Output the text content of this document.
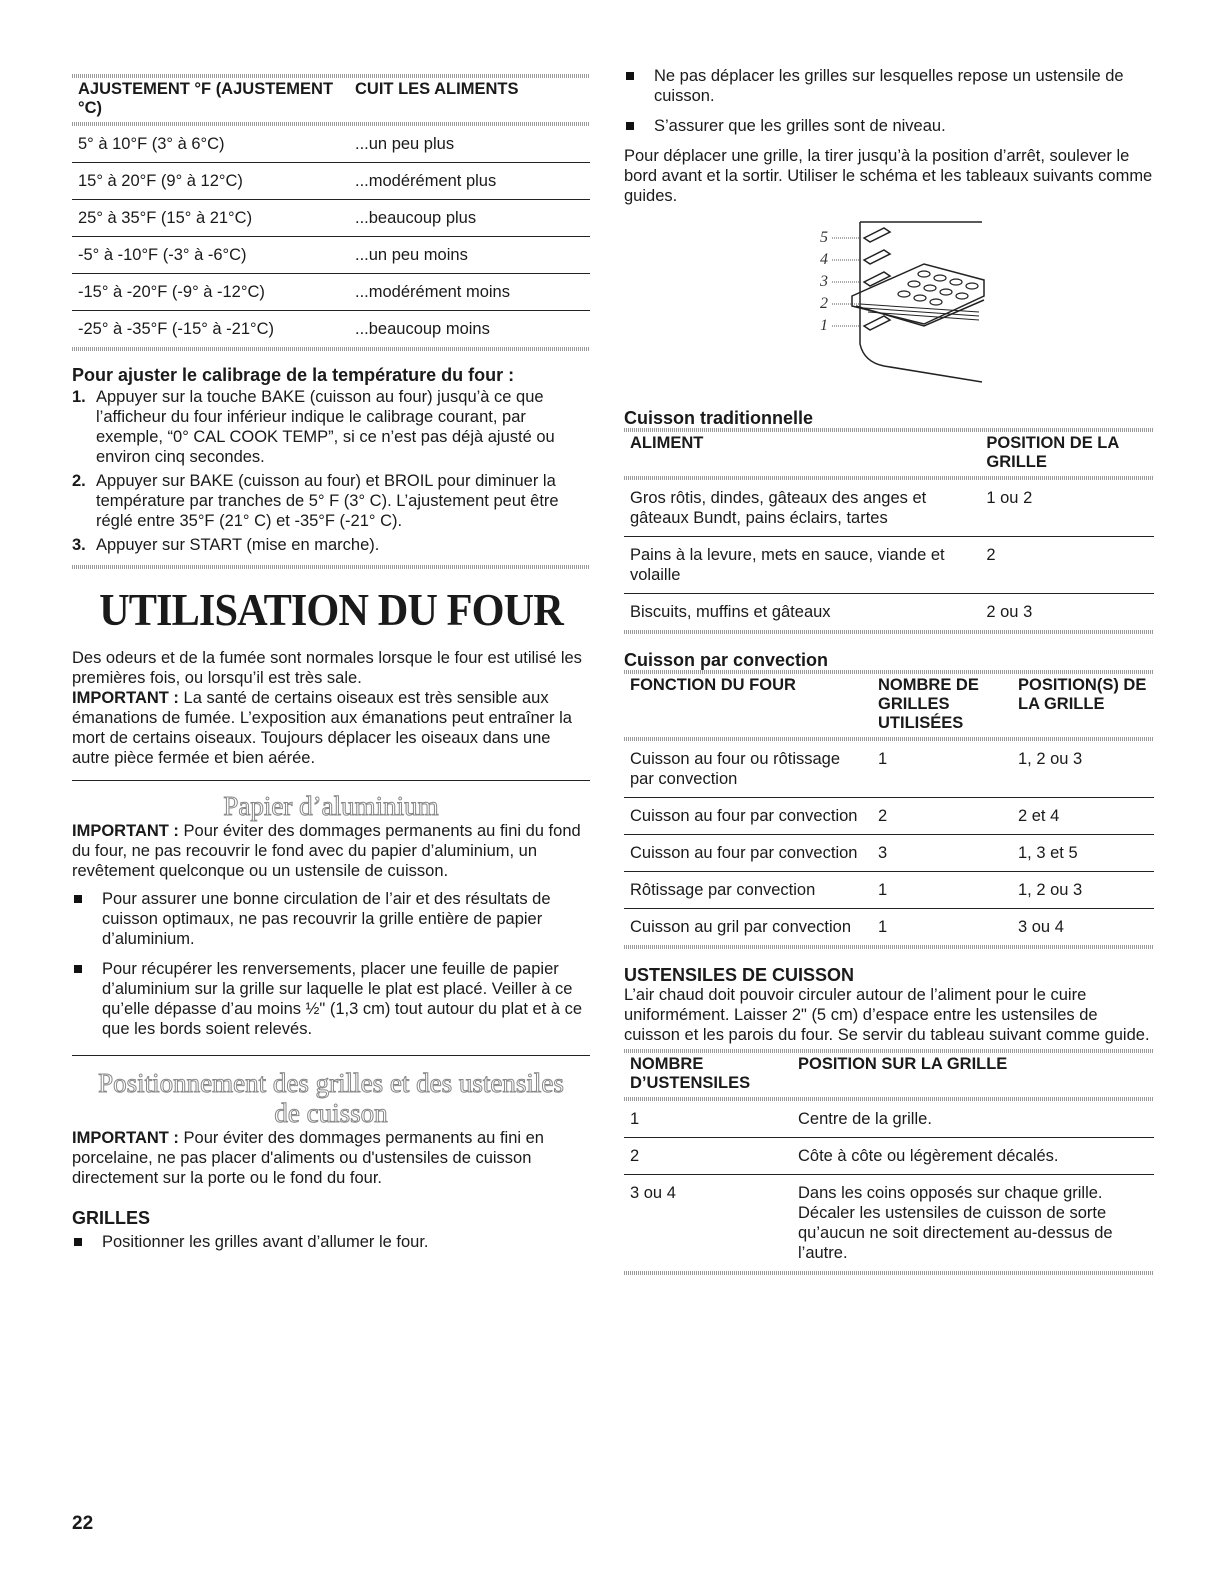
AJUSTEMENT °F (AJUSTEMENT °C)	CUIT LES ALIMENTS

5° à 10°F (3° à 6°C)	...un peu plus
15° à 20°F (9° à 12°C)	...modérément plus
25° à 35°F (15° à 21°C)	...beaucoup plus
-5° à -10°F (-3° à -6°C)	...un peu moins
-15° à -20°F (-9° à -12°C)	...modérément moins
-25° à -35°F (-15° à -21°C)	...beaucoup moins

Pour ajuster le calibrage de la température du four :

1. Appuyer sur la touche BAKE (cuisson au four) jusqu’à ce que l’afficheur du four inférieur indique le calibrage courant, par exemple, “0° CAL COOK TEMP”, si ce n’est pas déjà ajusté ou environ cinq secondes.
2. Appuyer sur BAKE (cuisson au four) et BROIL pour diminuer la température par tranches de 5° F (3° C). L’ajustement peut être réglé entre 35°F (21° C) et -35°F (-21° C).
3. Appuyer sur START (mise en marche).
UTILISATION DU FOUR

Des odeurs et de la fumée sont normales lorsque le four est utilisé les premières fois, ou lorsqu’il est très sale.

IMPORTANT : La santé de certains oiseaux est très sensible aux émanations de fumée. L’exposition aux émanations peut entraîner la mort de certains oiseaux. Toujours déplacer les oiseaux dans une autre pièce fermée et bien aérée.

Papier d’aluminium

IMPORTANT : Pour éviter des dommages permanents au fini du fond du four, ne pas recouvrir le fond avec du papier d’aluminium, un revêtement quelconque ou un ustensile de cuisson.

Pour assurer une bonne circulation de l’air et des résultats de cuisson optimaux, ne pas recouvrir la grille entière de papier d’aluminium.
Pour récupérer les renversements, placer une feuille de papier d’aluminium sur la grille sur laquelle le plat est placé. Veiller à ce qu’elle dépasse d’au moins ½" (1,3 cm) tout autour du plat et à ce que les bords soient relevés.
Positionnement des grilles et des ustensiles
de cuisson

IMPORTANT : Pour éviter des dommages permanents au fini en porcelaine, ne pas placer d'aliments ou d'ustensiles de cuisson directement sur la porte ou le fond du four.

GRILLES

Positionner les grilles avant d’allumer le four.
Ne pas déplacer les grilles sur lesquelles repose un ustensile de cuisson.
S’assurer que les grilles sont de niveau.

Pour déplacer une grille, la tirer jusqu’à la position d’arrêt, soulever le bord avant et la sortir. Utiliser le schéma et les tableaux suivants comme guides.

5
4
3
2
1

Cuisson traditionnelle

ALIMENT	POSITION DE LA GRILLE

Gros rôtis, dindes, gâteaux des anges et gâteaux Bundt, pains éclairs, tartes	1 ou 2
Pains à la levure, mets en sauce, viande et volaille	2
Biscuits, muffins et gâteaux	2 ou 3

Cuisson par convection

FONCTION DU FOUR	NOMBRE DE GRILLES UTILISÉES	POSITION(S) DE LA GRILLE

Cuisson au four ou rôtissage par convection	1	1, 2 ou 3
Cuisson au four par convection	2	2 et 4
Cuisson au four par convection	3	1, 3 et 5
Rôtissage par convection	1	1, 2 ou 3
Cuisson au gril par convection	1	3 ou 4

USTENSILES DE CUISSON

L’air chaud doit pouvoir circuler autour de l’aliment pour le cuire uniformément. Laisser 2" (5 cm) d’espace entre les ustensiles de cuisson et les parois du four. Se servir du tableau suivant comme guide.

NOMBRE D’USTENSILES	POSITION SUR LA GRILLE

1	Centre de la grille.
2	Côte à côte ou légèrement décalés.
3 ou 4	Dans les coins opposés sur chaque grille. Décaler les ustensiles de cuisson de sorte qu’aucun ne soit directement au-dessus de l’autre.
22
